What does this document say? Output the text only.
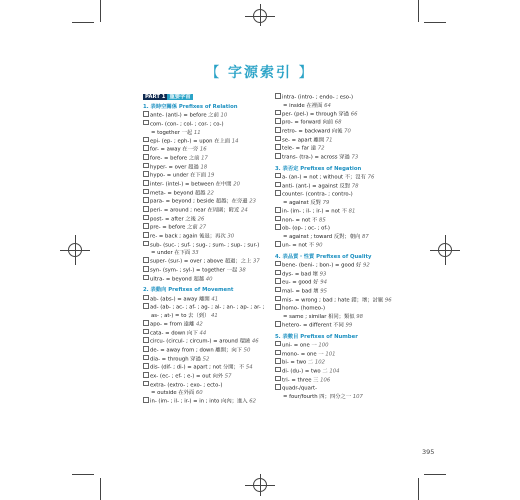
【 字源索引 】
PART 1 重要字首
1. 表時空關係 Prefixes of Relation
ante- (anti-) = before 之前 10
com- (con- ; col- ; cor- ; co-)
= together 一起 11
epi- (ep- ; eph-) = upon 在上面 14
for- = away 在一旁 16
fore- = before 之前 17
hyper- = over 超過 18
hypo- = under 在下面 19
inter- (intel-) = between 在中間 20
meta- = beyond 超越 22
para- = beyond ; beside 超越；在旁邊 23
peri- = around ; near 在周圍；附近 24
post- = after 之後 26
pre- = before 之前 27
re- = back ; again 後退；再次 30
sub- (suc- ; suf- ; sug- ; sum- ; sup- ; sur-)
= under 在下面 33
super- (sur-) = over ; above 超過；之上 37
syn- (sym- ; syl-) = together 一起 38
ultra- = beyond 超越 40
2. 表動向 Prefixes of Movement
ab- (abs-) = away 離開 41
ad- (ab- ; ac- ; af- ; ag- ; al- ; an- ; ap- ; ar- ;
as- ; at-) = to 去（到） 41
apo- = from 遠離 42
cata- = down 向下 44
circu- (circul- ; circum-) = around 環繞 46
de- = away from ; down 離開；向下 50
dia- = through 穿過 52
dis- (dif- ; di-) = apart ; not 分開；不 54
ex- (ec- ; ef- ; e-) = out 向外 57
extra- (extro- ; exo- ; ecto-)
= outside 在外面 60
in- (im- ; il- ; ir-) = in ; into 向內；進入 62
intra- (intro- ; endo- ; eso-)
= inside 在裡面 64
per- (pel-) = through 穿過 66
pro- = forward 向前 68
retro- = backward 向後 70
se- = apart 離開 71
tele- = far 遠 72
trans- (tra-) = across 穿過 73
3. 表否定 Prefixes of Negation
a- (an-) = not ; without 不；沒有 76
anti- (ant-) = against 反對 78
counter- (contra- ; contro-)
= against 反對 79
in- (im- ; il- ; ir-) = not 不 81
non- = not 不 85
ob- (op- ; oc- ; of-)
= against ; toward 反對；朝向 87
un- = not 不 90
4. 表品質・性質 Prefixes of Quality
bene- (beni- ; bon-) = good 好 92
dys- = bad 壞 93
eu- = good 好 94
mal- = bad 壞 95
mis- = wrong ; bad ; hate 錯；壞；討厭 96
homo- (homeo-)
= same ; similar 相同；類似 98
hetero- = different 不同 99
5. 表數目 Prefixes of Number
uni- = one 一 100
mono- = one 一 101
bi- = two 二 102
di- (du-) = two 二 104
tri- = three 三 106
quadr-/quart-
= four/fourth 四；四分之一 107
395
